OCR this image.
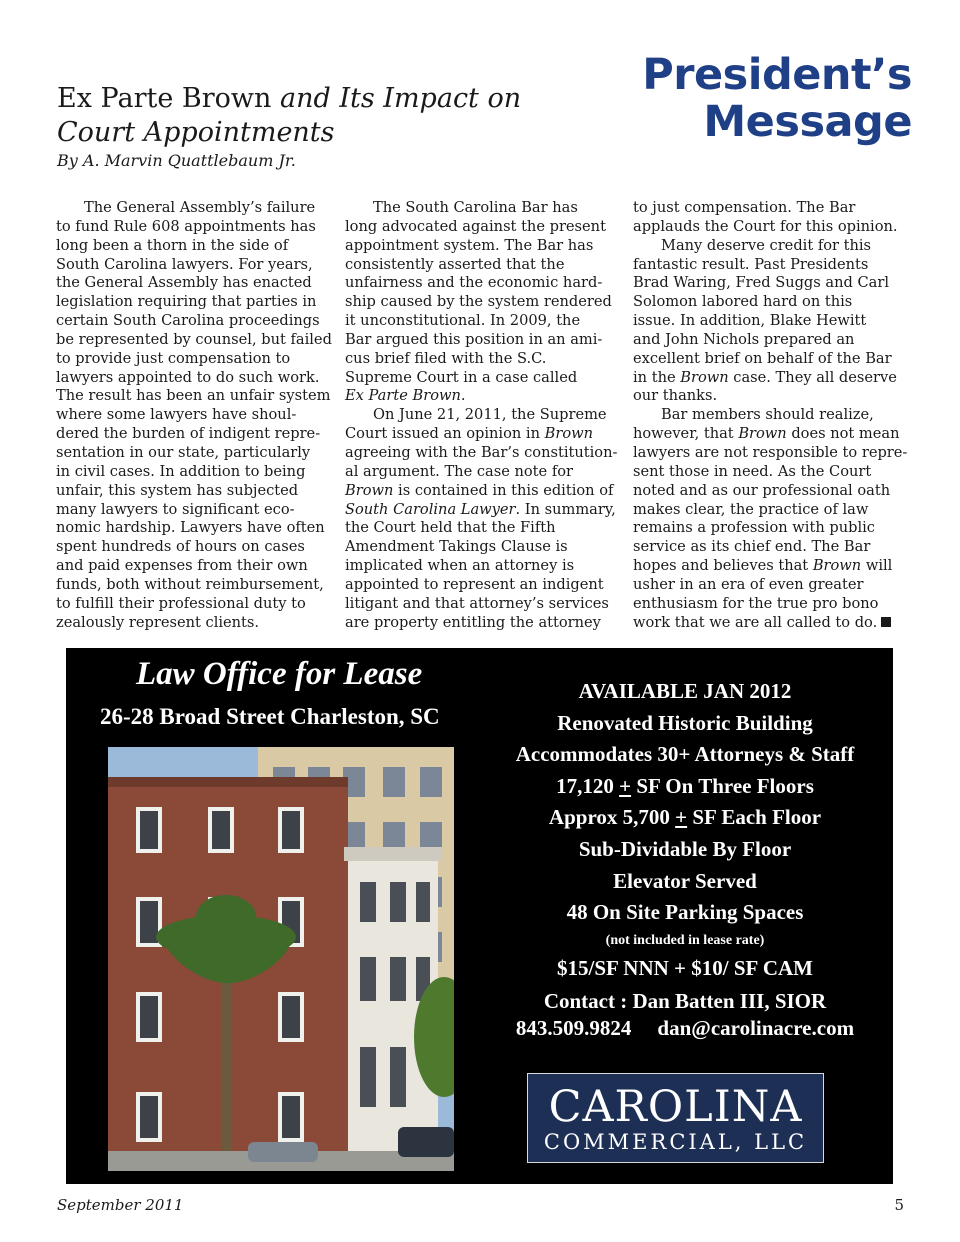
President’s
Message
Ex Parte Brown and Its Impact on
Court Appointments
By A. Marvin Quattlebaum Jr.
The General Assembly’s failure
to fund Rule 608 appointments has
long been a thorn in the side of
South Carolina lawyers. For years,
the General Assembly has enacted
legislation requiring that parties in
certain South Carolina proceedings
be represented by counsel, but failed
to provide just compensation to
lawyers appointed to do such work.
The result has been an unfair system
where some lawyers have shoul-
dered the burden of indigent repre-
sentation in our state, particularly
in civil cases. In addition to being
unfair, this system has subjected
many lawyers to significant eco-
nomic hardship. Lawyers have often
spent hundreds of hours on cases
and paid expenses from their own
funds, both without reimbursement,
to fulfill their professional duty to
zealously represent clients.
The South Carolina Bar has
long advocated against the present
appointment system. The Bar has
consistently asserted that the
unfairness and the economic hard-
ship caused by the system rendered
it unconstitutional. In 2009, the
Bar argued this position in an ami-
cus brief filed with the S.C.
Supreme Court in a case called
Ex Parte Brown.
On June 21, 2011, the Supreme
Court issued an opinion in Brown
agreeing with the Bar’s constitution-
al argument. The case note for
Brown is contained in this edition of
South Carolina Lawyer. In summary,
the Court held that the Fifth
Amendment Takings Clause is
implicated when an attorney is
appointed to represent an indigent
litigant and that attorney’s services
are property entitling the attorney
to just compensation. The Bar
applauds the Court for this opinion.
Many deserve credit for this
fantastic result. Past Presidents
Brad Waring, Fred Suggs and Carl
Solomon labored hard on this
issue. In addition, Blake Hewitt
and John Nichols prepared an
excellent brief on behalf of the Bar
in the Brown case. They all deserve
our thanks.
Bar members should realize,
however, that Brown does not mean
lawyers are not responsible to repre-
sent those in need. As the Court
noted and as our professional oath
makes clear, the practice of law
remains a profession with public
service as its chief end. The Bar
hopes and believes that Brown will
usher in an era of even greater
enthusiasm for the true pro bono
work that we are all called to do.
Law Office for Lease
26-28 Broad Street Charleston, SC
AVAILABLE JAN 2012
Renovated Historic Building
Accommodates 30+ Attorneys & Staff
17,120 + SF On Three Floors
Approx 5,700 + SF Each Floor
Sub-Dividable By Floor
Elevator Served
48 On Site Parking Spaces
(not included in lease rate)
$15/SF NNN + $10/ SF CAM
Contact : Dan Batten III, SIOR
843.509.9824 dan@carolinacre.com
CAROLINA
COMMERCIAL, LLC
September 2011	5
